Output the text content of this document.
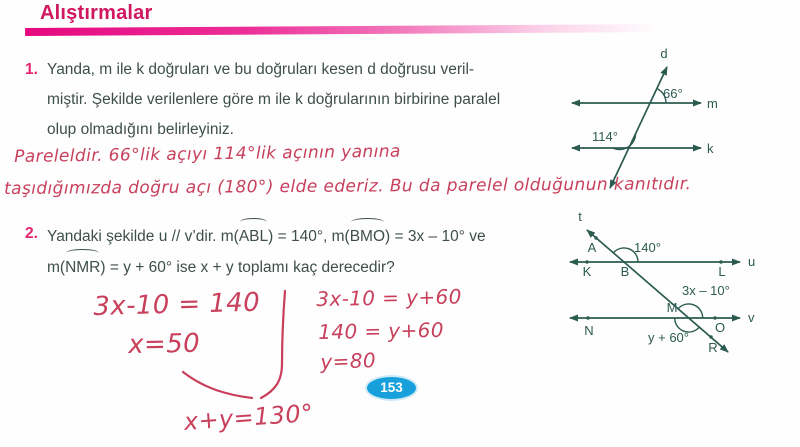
Alıştırmalar
1. Yanda, m ile k doğruları ve bu doğruları kesen d doğrusu veril-
miştir. Şekilde verilenlere göre m ile k doğrularının birbirine paralel
olup olmadığını belirleyiniz.
d
m
k
66°
114°
Pareleldir. 66°lik açıyı 114°lik açının yanına
taşıdığımızda doğru açı (180°) elde ederiz. Bu da parelel olduğunun kanıtıdır.
2. Yandaki şekilde u // v’dir. m(ABL) = 140°, m(BMO) = 3x – 10° ve
m(NMR) = y + 60° ise x + y toplamı kaç derecedir?
t
u
v
A
K B	L
M
N	O
R
140°
3x – 10°
y + 60°
3x-10 = 140
x=50
3x-10 = y+60
140 = y+60
y=80
x+y=130°
153
